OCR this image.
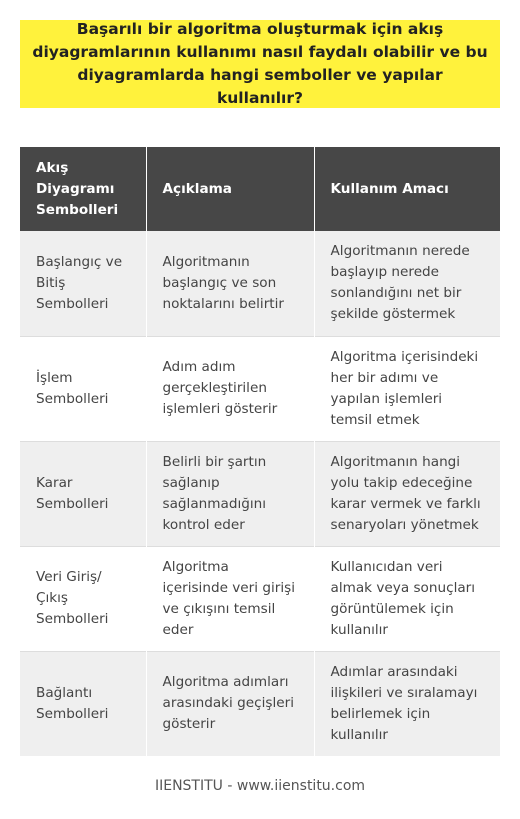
Başarılı bir algoritma oluşturmak için akış diyagramlarının kullanımı nasıl faydalı olabilir ve bu diyagramlarda hangi semboller ve yapılar kullanılır?
Akış Diyagramı Sembolleri	Açıklama	Kullanım Amacı
Başlangıç ve Bitiş Sembolleri	Algoritmanın başlangıç ve son noktalarını belirtir	Algoritmanın nerede başlayıp nerede sonlandığını net bir şekilde göstermek
İşlem Sembolleri	Adım adım gerçekleştirilen işlemleri gösterir	Algoritma içerisindeki her bir adımı ve yapılan işlemleri temsil etmek
Karar Sembolleri	Belirli bir şartın sağlanıp sağlanmadığını kontrol eder	Algoritmanın hangi yolu takip edeceğine karar vermek ve farklı senaryoları yönetmek
Veri Giriş/ Çıkış Sembolleri	Algoritma içerisinde veri girişi ve çıkışını temsil eder	Kullanıcıdan veri almak veya sonuçları görüntülemek için kullanılır
Bağlantı Sembolleri	Algoritma adımları arasındaki geçişleri gösterir	Adımlar arasındaki ilişkileri ve sıralamayı belirlemek için kullanılır
IIENSTITU - www.iienstitu.com
